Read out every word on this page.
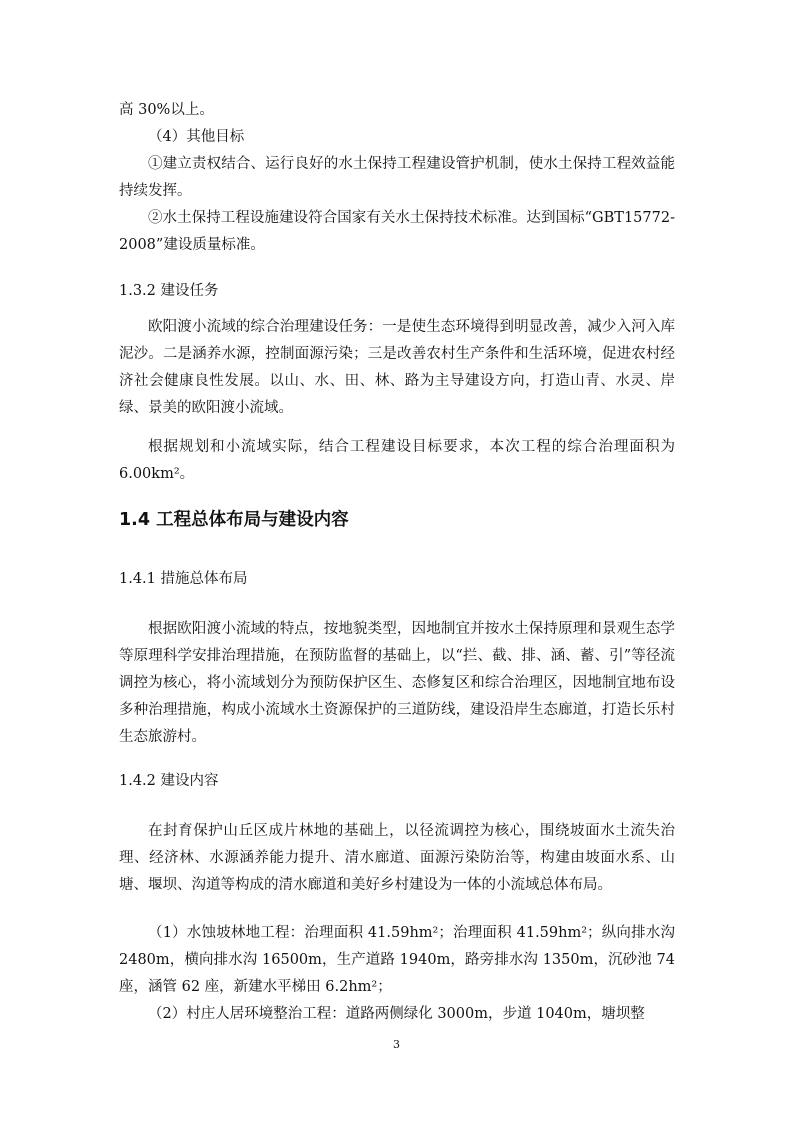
高 30%以上。

（4）其他目标

①建立责权结合、运行良好的水土保持工程建设管护机制，使水土保持工程效益能持续发挥。

②水土保持工程设施建设符合国家有关水土保持技术标准。达到国标“GBT15772-2008”建设质量标准。

1.3.2 建设任务

欧阳渡小流域的综合治理建设任务：一是使生态环境得到明显改善，减少入河入库泥沙。二是涵养水源，控制面源污染；三是改善农村生产条件和生活环境，促进农村经济社会健康良性发展。以山、水、田、林、路为主导建设方向，打造山青、水灵、岸绿、景美的欧阳渡小流域。

根据规划和小流域实际，结合工程建设目标要求，本次工程的综合治理面积为 6.00km²。

1.4 工程总体布局与建设内容

1.4.1 措施总体布局

根据欧阳渡小流域的特点，按地貌类型，因地制宜并按水土保持原理和景观生态学等原理科学安排治理措施，在预防监督的基础上，以“拦、截、排、涵、蓄、引”等径流调控为核心，将小流域划分为预防保护区生、态修复区和综合治理区，因地制宜地布设多种治理措施，构成小流域水土资源保护的三道防线，建设沿岸生态廊道，打造长乐村生态旅游村。

1.4.2 建设内容

在封育保护山丘区成片林地的基础上，以径流调控为核心，围绕坡面水土流失治理、经济林、水源涵养能力提升、清水廊道、面源污染防治等，构建由坡面水系、山塘、堰坝、沟道等构成的清水廊道和美好乡村建设为一体的小流域总体布局。

（1）水蚀坡林地工程：治理面积 41.59hm²；治理面积 41.59hm²；纵向排水沟 2480m，横向排水沟 16500m，生产道路 1940m，路旁排水沟 1350m，沉砂池 74 座，涵管 62 座，新建水平梯田 6.2hm²；

（2）村庄人居环境整治工程：道路两侧绿化 3000m，步道 1040m，塘坝整

3
